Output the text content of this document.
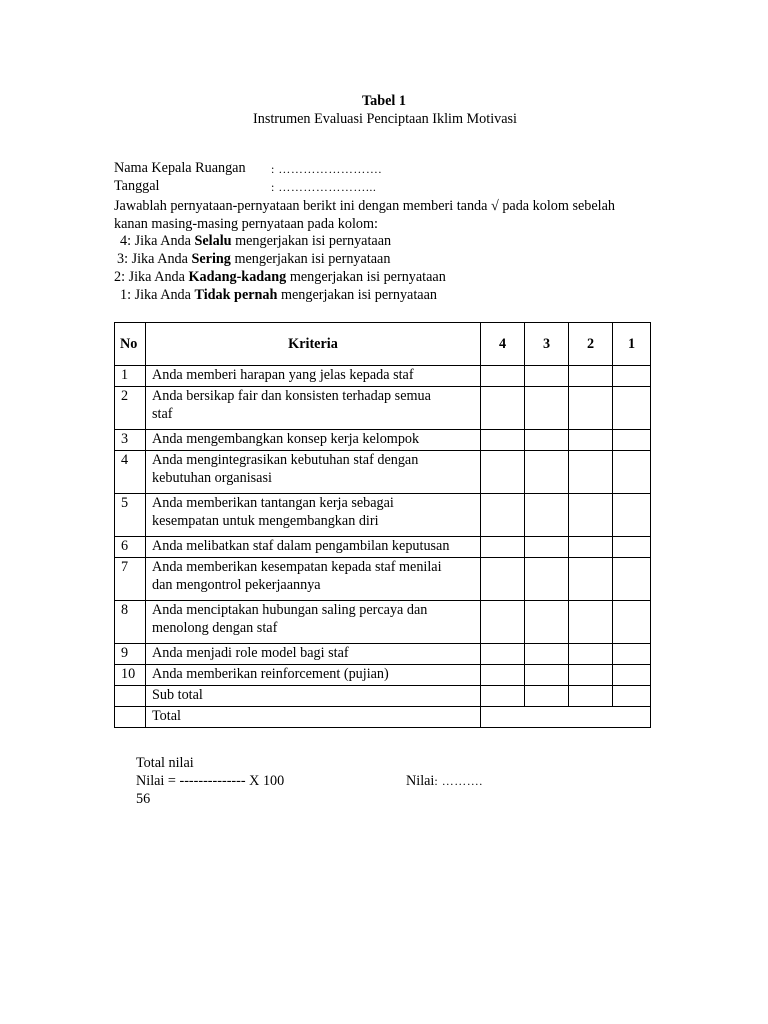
Tabel 1
Instrumen Evaluasi Penciptaan Iklim Motivasi
Nama Kepala Ruangan : …………………….
Tanggal	: …………………...
Jawablah pernyataan-pernyataan berikt ini dengan memberi tanda √ pada kolom sebelah
kanan masing-masing pernyataan pada kolom:
4: Jika Anda Selalu mengerjakan isi pernyataan
3: Jika Anda Sering mengerjakan isi pernyataan
2: Jika Anda Kadang-kadang mengerjakan isi pernyataan
1: Jika Anda Tidak pernah mengerjakan isi pernyataan
No	Kriteria	4	3	2	1
1	Anda memberi harapan yang jelas kepada staf				

2	Anda bersikap fair dan konsisten terhadap semua
staf				

3	Anda mengembangkan konsep kerja kelompok				

4	Anda mengintegrasikan kebutuhan staf dengan
kebutuhan organisasi				

5	Anda memberikan tantangan kerja sebagai
kesempatan untuk mengembangkan diri				

6	Anda melibatkan staf dalam pengambilan keputusan				

7	Anda memberikan kesempatan kepada staf menilai
dan mengontrol pekerjaannya				

8	Anda menciptakan hubungan saling percaya dan
menolong dengan staf				

9	Anda menjadi role model bagi staf				

10	Anda memberikan reinforcement (pujian)				

	Sub total				
	Total				
Total nilai
Nilai = -------------- X 100
56
Nilai: ……….
